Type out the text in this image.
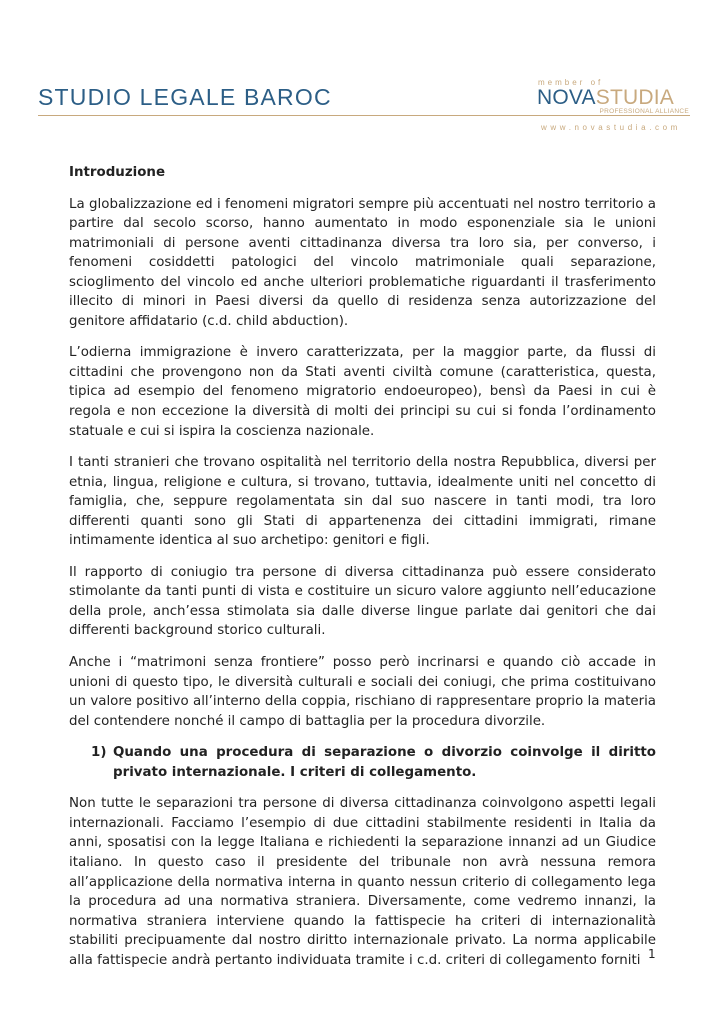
STUDIO LEGALE BAROC
member of
NOVASTUDIA
PROFESSIONAL ALLIANCE
www.novastudia.com
Introduzione

La globalizzazione ed i fenomeni migratori sempre più accentuati nel nostro territorio a partire dal secolo scorso, hanno aumentato in modo esponenziale sia le unioni matrimoniali di persone aventi cittadinanza diversa tra loro sia, per converso, i fenomeni cosiddetti patologici del vincolo matrimoniale quali separazione, scioglimento del vincolo ed anche ulteriori problematiche riguardanti il trasferimento illecito di minori in Paesi diversi da quello di residenza senza autorizzazione del genitore affidatario (c.d. child abduction).

L’odierna immigrazione è invero caratterizzata, per la maggior parte, da flussi di cittadini che provengono non da Stati aventi civiltà comune (caratteristica, questa, tipica ad esempio del fenomeno migratorio endoeuropeo), bensì da Paesi in cui è regola e non eccezione la diversità di molti dei principi su cui si fonda l’ordinamento statuale e cui si ispira la coscienza nazionale.

I tanti stranieri che trovano ospitalità nel territorio della nostra Repubblica, diversi per etnia, lingua, religione e cultura, si trovano, tuttavia, idealmente uniti nel concetto di famiglia, che, seppure regolamentata sin dal suo nascere in tanti modi, tra loro differenti quanti sono gli Stati di appartenenza dei cittadini immigrati, rimane intimamente identica al suo archetipo: genitori e figli.

Il rapporto di coniugio tra persone di diversa cittadinanza può essere considerato stimolante da tanti punti di vista e costituire un sicuro valore aggiunto nell’educazione della prole, anch’essa stimolata sia dalle diverse lingue parlate dai genitori che dai differenti background storico culturali.

Anche i “matrimoni senza frontiere” posso però incrinarsi e quando ciò accade in unioni di questo tipo, le diversità culturali e sociali dei coniugi, che prima costituivano un valore positivo all’interno della coppia, rischiano di rappresentare proprio la materia del contendere nonché il campo di battaglia per la procedura divorzile.

1) Quando una procedura di separazione o divorzio coinvolge il diritto privato internazionale. I criteri di collegamento.

Non tutte le separazioni tra persone di diversa cittadinanza coinvolgono aspetti legali internazionali. Facciamo l’esempio di due cittadini stabilmente residenti in Italia da anni, sposatisi con la legge Italiana e richiedenti la separazione innanzi ad un Giudice italiano. In questo caso il presidente del tribunale non avrà nessuna remora all’applicazione della normativa interna in quanto nessun criterio di collegamento lega la procedura ad una normativa straniera. Diversamente, come vedremo innanzi, la normativa straniera interviene quando la fattispecie ha criteri di internazionalità stabiliti precipuamente dal nostro diritto internazionale privato. La norma applicabile alla fattispecie andrà pertanto individuata tramite i c.d. criteri di collegamento forniti 1
